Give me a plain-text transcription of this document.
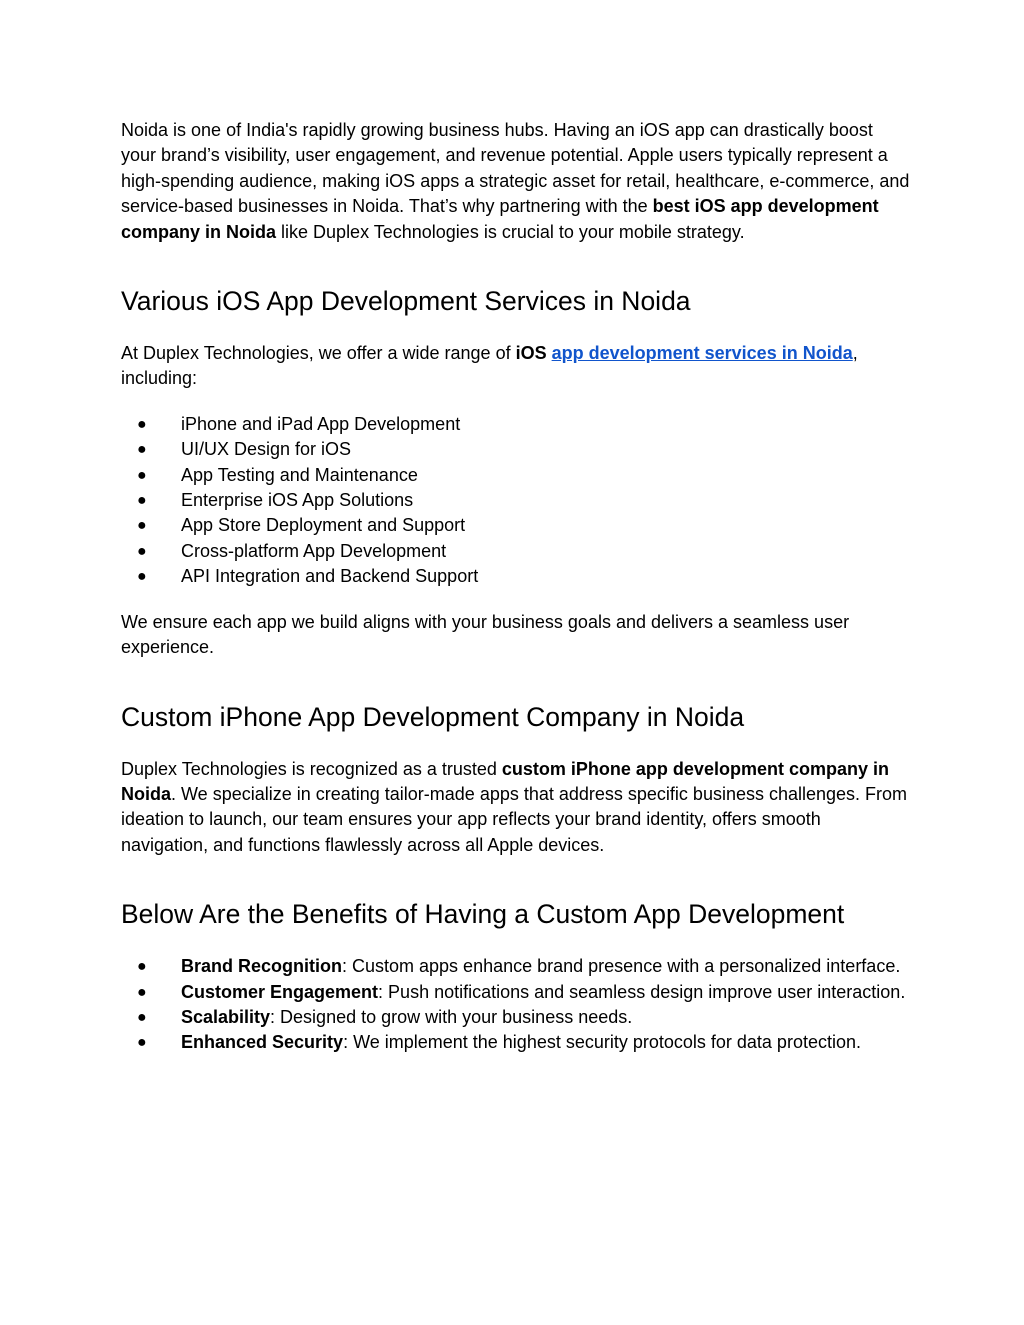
Noida is one of India's rapidly growing business hubs. Having an iOS app can drastically boost your brand’s visibility, user engagement, and revenue potential. Apple users typically represent a high-spending audience, making iOS apps a strategic asset for retail, healthcare, e-commerce, and service-based businesses in Noida. That’s why partnering with the best iOS app development company in Noida like Duplex Technologies is crucial to your mobile strategy.

Various iOS App Development Services in Noida

At Duplex Technologies, we offer a wide range of iOS app development services in Noida, including:

● iPhone and iPad App Development
● UI/UX Design for iOS
● App Testing and Maintenance
● Enterprise iOS App Solutions
● App Store Deployment and Support
● Cross-platform App Development
● API Integration and Backend Support

We ensure each app we build aligns with your business goals and delivers a seamless user experience.

Custom iPhone App Development Company in Noida

Duplex Technologies is recognized as a trusted custom iPhone app development company in Noida. We specialize in creating tailor-made apps that address specific business challenges. From ideation to launch, our team ensures your app reflects your brand identity, offers smooth navigation, and functions flawlessly across all Apple devices.

Below Are the Benefits of Having a Custom App Development
● Brand Recognition: Custom apps enhance brand presence with a personalized interface.
● Customer Engagement: Push notifications and seamless design improve user interaction.
● Scalability: Designed to grow with your business needs.
● Enhanced Security: We implement the highest security protocols for data protection.
